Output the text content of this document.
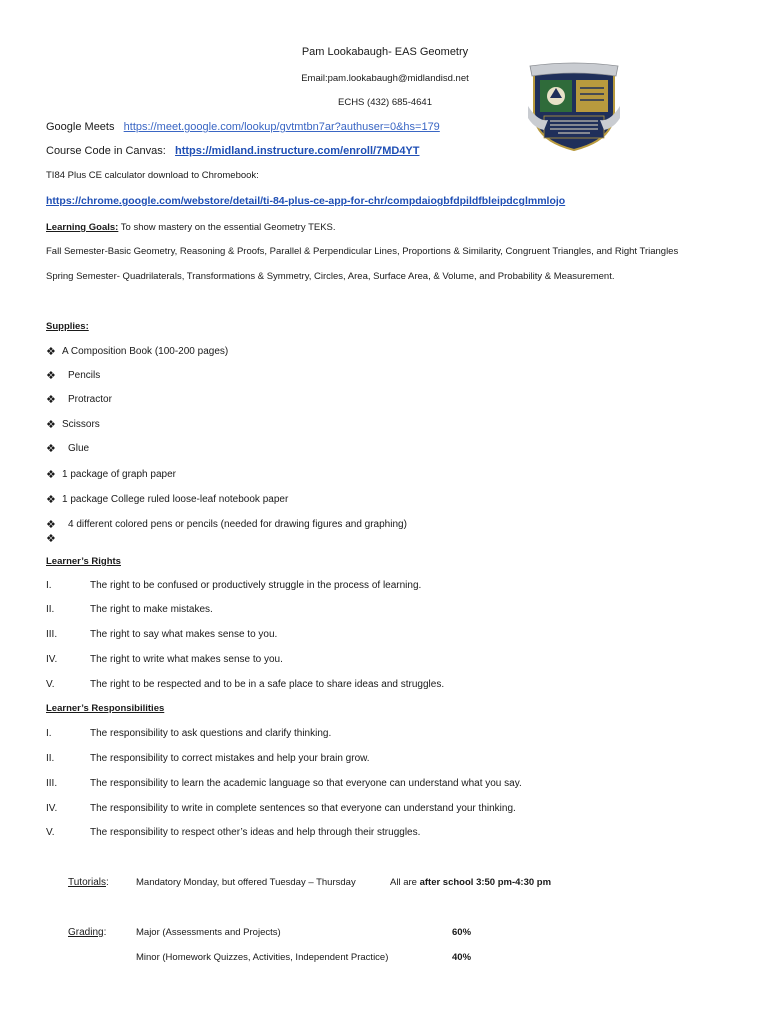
Pam Lookabaugh- EAS Geometry
Email:pam.lookabaugh@midlandisd.net
ECHS (432) 685-4641
Google Meets https://meet.google.com/lookup/gvtmtbn7ar?authuser=0&hs=179
Course Code in Canvas: https://midland.instructure.com/enroll/7MD4YT
TI84 Plus CE calculator download to Chromebook:
https://chrome.google.com/webstore/detail/ti-84-plus-ce-app-for-chr/compdaiogbfdpildfbleipdcglmmlojo
Learning Goals: To show mastery on the essential Geometry TEKS.
Fall Semester-Basic Geometry, Reasoning & Proofs, Parallel & Perpendicular Lines, Proportions & Similarity, Congruent Triangles, and Right Triangles
Spring Semester- Quadrilaterals, Transformations & Symmetry, Circles, Area, Surface Area, & Volume, and Probability & Measurement.
Supplies:
❖ A Composition Book (100-200 pages)
❖ Pencils
❖ Protractor
❖ Scissors
❖ Glue
❖ 1 package of graph paper
❖ 1 package College ruled loose-leaf notebook paper
❖ 4 different colored pens or pencils (needed for drawing figures and graphing)
❖
Learner’s Rights
I.	The right to be confused or productively struggle in the process of learning.
II.	The right to make mistakes.
III.	The right to say what makes sense to you.
IV.	The right to write what makes sense to you.
V.	The right to be respected and to be in a safe place to share ideas and struggles.
Learner’s Responsibilities
I.	The responsibility to ask questions and clarify thinking.
II.	The responsibility to correct mistakes and help your brain grow.
III.	The responsibility to learn the academic language so that everyone can understand what you say.
IV.	The responsibility to write in complete sentences so that everyone can understand your thinking.
V.	The responsibility to respect other’s ideas and help through their struggles.
Tutorials:	Mandatory Monday, but offered Tuesday – Thursday	All are after school 3:50 pm-4:30 pm
Grading:	Major (Assessments and Projects)	60%
Minor (Homework Quizzes, Activities, Independent Practice)	40%
